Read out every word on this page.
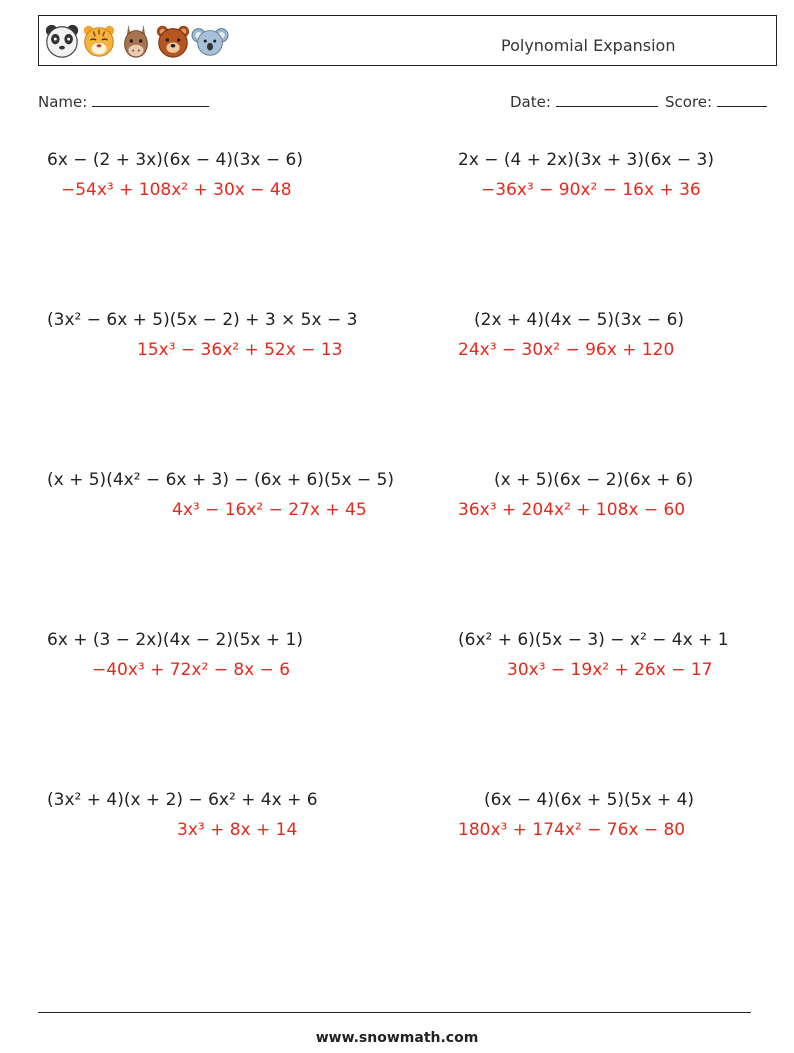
Polynomial Expansion
Name:	Date:	Score:
6x − (2 + 3x)(6x − 4)(3x − 6)
−54x³ + 108x² + 30x − 48
2x − (4 + 2x)(3x + 3)(6x − 3)
−36x³ − 90x² − 16x + 36
(3x² − 6x + 5)(5x − 2) + 3 × 5x − 3
15x³ − 36x² + 52x − 13
(2x + 4)(4x − 5)(3x − 6)
24x³ − 30x² − 96x + 120
(x + 5)(4x² − 6x + 3) − (6x + 6)(5x − 5)
4x³ − 16x² − 27x + 45
(x + 5)(6x − 2)(6x + 6)
36x³ + 204x² + 108x − 60
6x + (3 − 2x)(4x − 2)(5x + 1)
−40x³ + 72x² − 8x − 6
(6x² + 6)(5x − 3) − x² − 4x + 1
30x³ − 19x² + 26x − 17
(3x² + 4)(x + 2) − 6x² + 4x + 6
3x³ + 8x + 14
(6x − 4)(6x + 5)(5x + 4)
180x³ + 174x² − 76x − 80
www.snowmath.com
